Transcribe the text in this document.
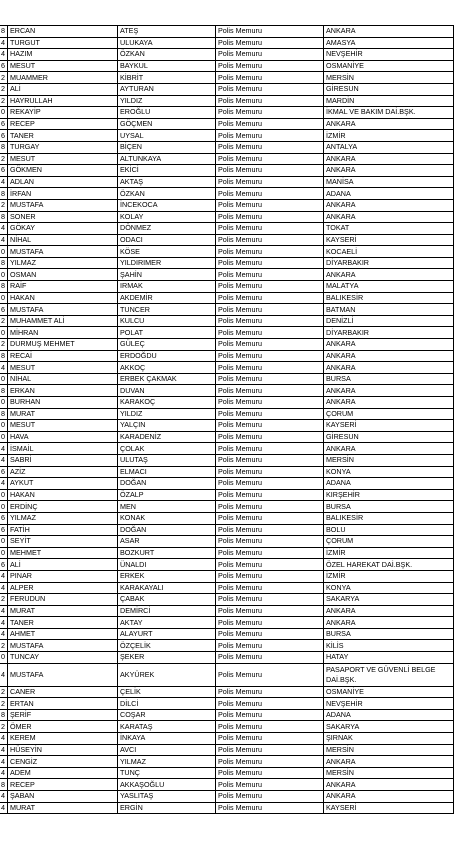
8	ERCAN	ATEŞ	Polis Memuru	ANKARA
4	TURGUT	ULUKAYA	Polis Memuru	AMASYA
4	HAZIM	ÖZKAN	Polis Memuru	NEVŞEHİR
6	MESUT	BAYKUL	Polis Memuru	OSMANİYE
2	MUAMMER	KİBRİT	Polis Memuru	MERSİN
2	ALİ	AYTURAN	Polis Memuru	GİRESUN
2	HAYRULLAH	YILDIZ	Polis Memuru	MARDİN
0	REKAYİP	EROĞLU	Polis Memuru	İKMAL VE BAKIM DAİ.BŞK.
6	RECEP	GÖÇMEN	Polis Memuru	ANKARA
6	TANER	UYSAL	Polis Memuru	İZMİR
8	TURGAY	BİÇEN	Polis Memuru	ANTALYA
2	MESUT	ALTUNKAYA	Polis Memuru	ANKARA
6	GÖKMEN	EKİCİ	Polis Memuru	ANKARA
4	ADLAN	AKTAŞ	Polis Memuru	MANİSA
8	İRFAN	ÖZKAN	Polis Memuru	ADANA
2	MUSTAFA	İNCEKOCA	Polis Memuru	ANKARA
8	SONER	KOLAY	Polis Memuru	ANKARA
4	GÖKAY	DÖNMEZ	Polis Memuru	TOKAT
4	NİHAL	ODACI	Polis Memuru	KAYSERİ
0	MUSTAFA	KÖSE	Polis Memuru	KOCAELİ
8	YILMAZ	YILDIRIMER	Polis Memuru	DİYARBAKIR
0	OSMAN	ŞAHİN	Polis Memuru	ANKARA
8	RAİF	IRMAK	Polis Memuru	MALATYA
0	HAKAN	AKDEMİR	Polis Memuru	BALIKESİR
6	MUSTAFA	TUNCER	Polis Memuru	BATMAN
2	MUHAMMET ALİ	KULCU	Polis Memuru	DENİZLİ
0	MİHRAN	POLAT	Polis Memuru	DİYARBAKIR
2	DURMUŞ MEHMET	GÜLEÇ	Polis Memuru	ANKARA
8	RECAİ	ERDOĞDU	Polis Memuru	ANKARA
4	MESUT	AKKOÇ	Polis Memuru	ANKARA
0	NİHAL	ERBEK ÇAKMAK	Polis Memuru	BURSA
8	ERKAN	DUVAN	Polis Memuru	ANKARA
0	BURHAN	KARAKOÇ	Polis Memuru	ANKARA
8	MURAT	YILDIZ	Polis Memuru	ÇORUM
0	MESUT	YALÇIN	Polis Memuru	KAYSERİ
0	HAVA	KARADENİZ	Polis Memuru	GİRESUN
4	İSMAİL	ÇOLAK	Polis Memuru	ANKARA
4	SABRİ	ULUTAŞ	Polis Memuru	MERSİN
6	AZİZ	ELMACI	Polis Memuru	KONYA
4	AYKUT	DOĞAN	Polis Memuru	ADANA
0	HAKAN	ÖZALP	Polis Memuru	KIRŞEHİR
0	ERDİNÇ	MEN	Polis Memuru	BURSA
6	YILMAZ	KONAK	Polis Memuru	BALIKESİR
6	FATİH	DOĞAN	Polis Memuru	BOLU
0	SEYİT	ASAR	Polis Memuru	ÇORUM
0	MEHMET	BOZKURT	Polis Memuru	İZMİR
6	ALİ	ÜNALDI	Polis Memuru	ÖZEL HAREKAT DAİ.BŞK.
4	PINAR	ERKEK	Polis Memuru	İZMİR
4	ALPER	KARAKAYALI	Polis Memuru	KONYA
2	FERUDUN	ÇABAK	Polis Memuru	SAKARYA
4	MURAT	DEMİRCİ	Polis Memuru	ANKARA
4	TANER	AKTAY	Polis Memuru	ANKARA
4	AHMET	ALAYURT	Polis Memuru	BURSA
2	MUSTAFA	ÖZÇELİK	Polis Memuru	KİLİS
0	TUNCAY	ŞEKER	Polis Memuru	HATAY
4	MUSTAFA	AKYÜREK	Polis Memuru	PASAPORT VE GÜVENLİ BELGE DAİ.BŞK.
2	CANER	ÇELİK	Polis Memuru	OSMANİYE
2	ERTAN	DİLCİ	Polis Memuru	NEVŞEHİR
8	ŞERİF	COŞAR	Polis Memuru	ADANA
2	ÖMER	KARATAŞ	Polis Memuru	SAKARYA
4	KEREM	İNKAYA	Polis Memuru	ŞIRNAK
4	HÜSEYİN	AVCI	Polis Memuru	MERSİN
4	CENGİZ	YILMAZ	Polis Memuru	ANKARA
4	ADEM	TUNÇ	Polis Memuru	MERSİN
8	RECEP	AKKAŞOĞLU	Polis Memuru	ANKARA
4	ŞABAN	YASLITAŞ	Polis Memuru	ANKARA
4	MURAT	ERGİN	Polis Memuru	KAYSERİ
